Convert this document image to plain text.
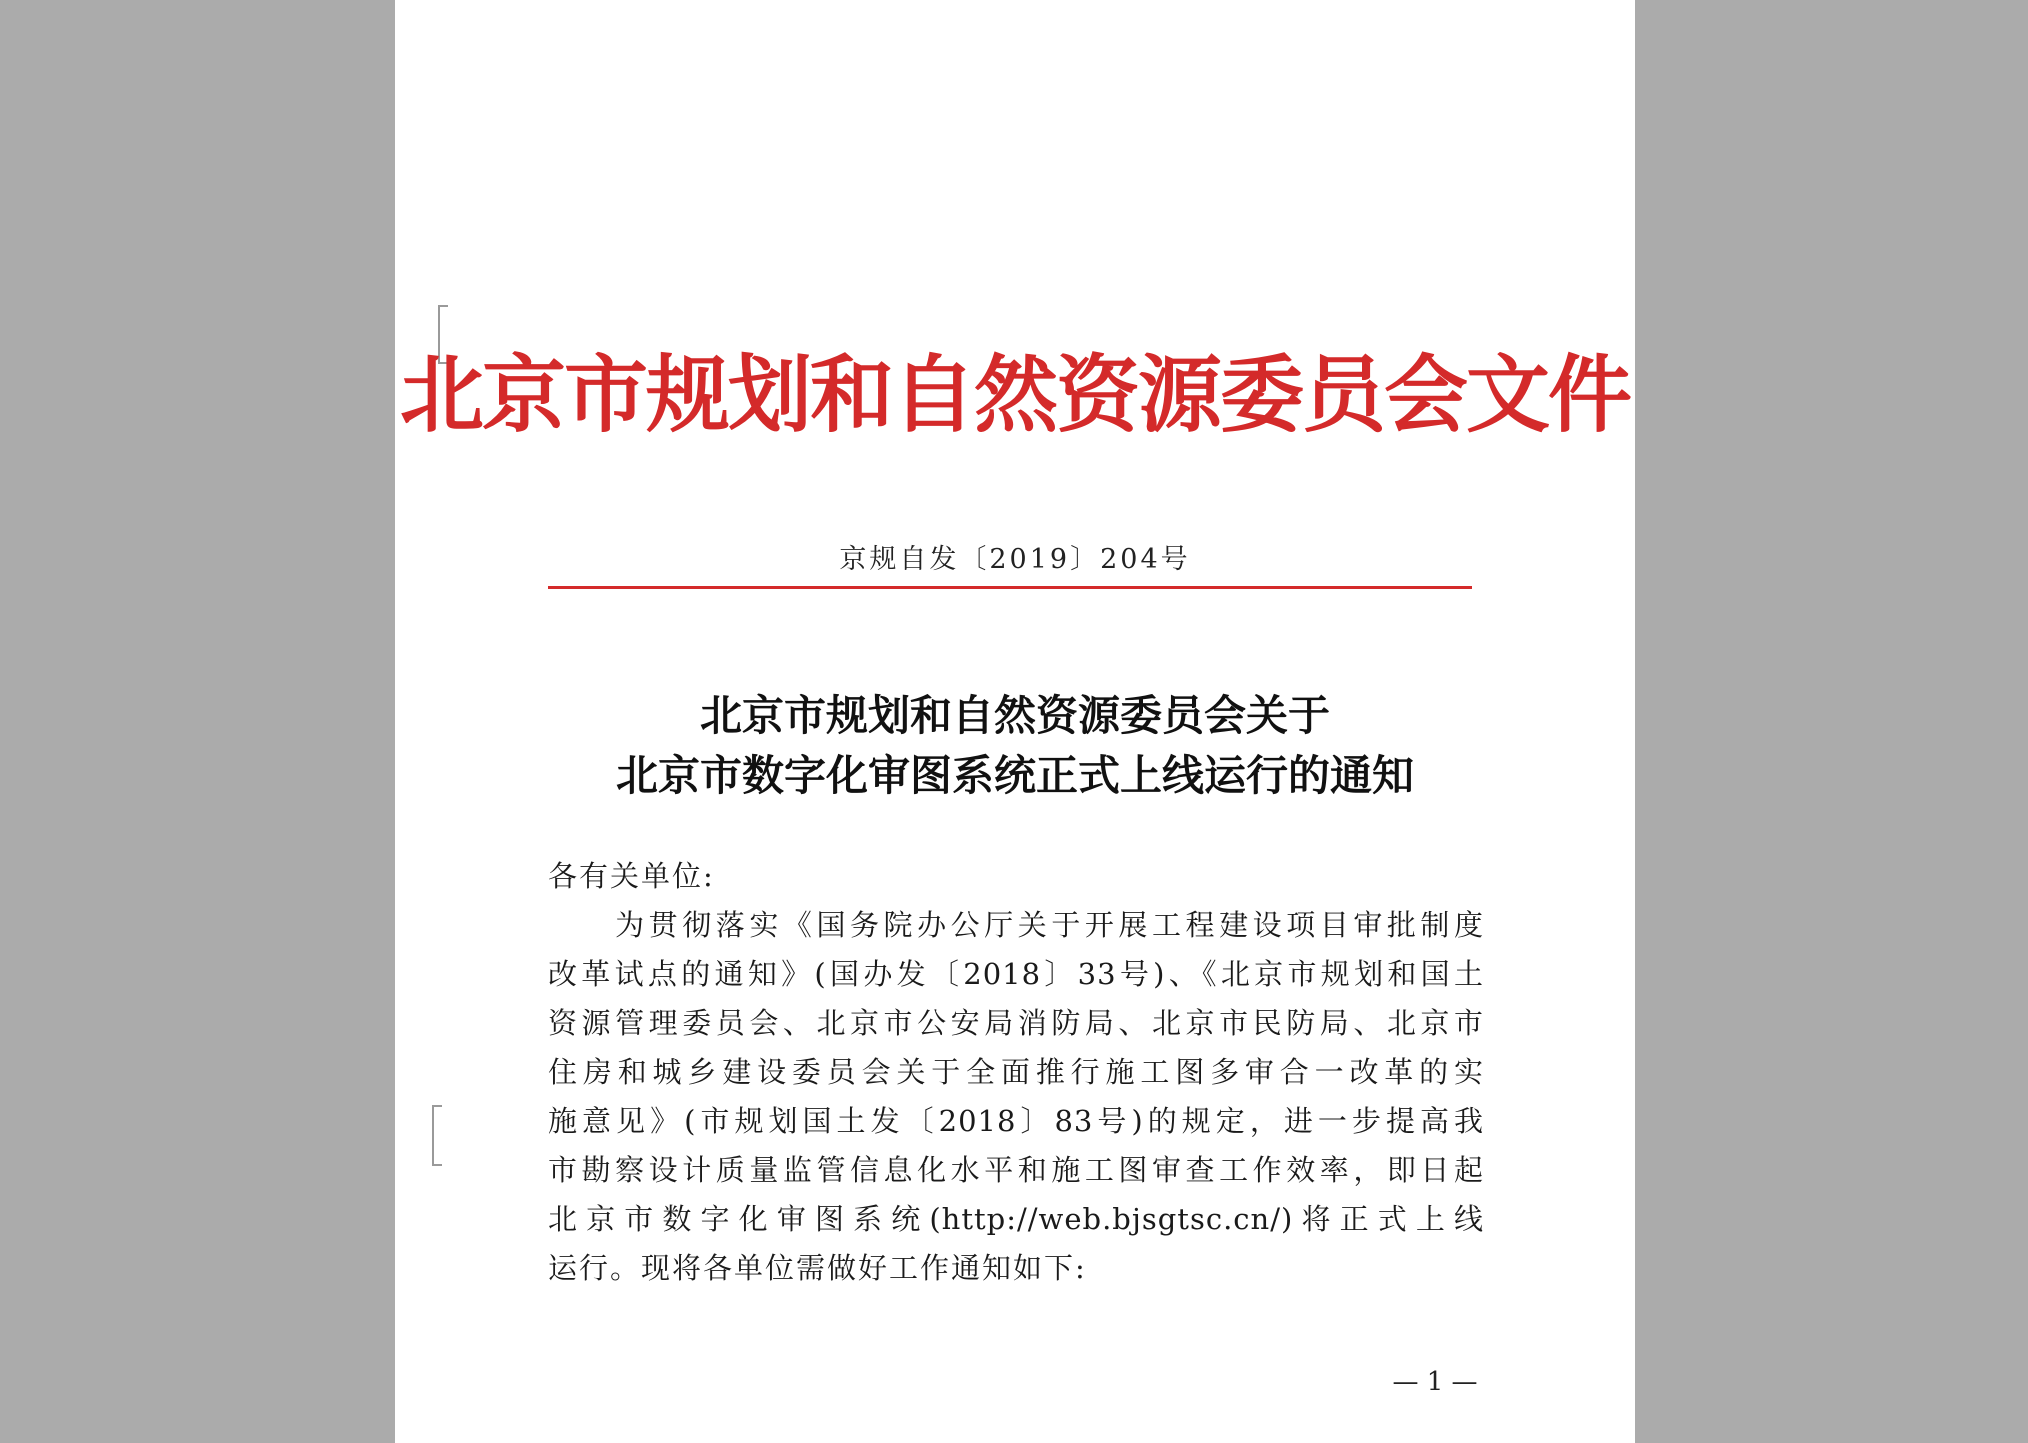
北京市规划和自然资源委员会文件
京规自发〔2019〕204号
北京市规划和自然资源委员会关于
北京市数字化审图系统正式上线运行的通知
各有关单位:
　　为贯彻落实《国务院办公厅关于开展工程建设项目审批制度
改革试点的通知》(国办发〔2018〕33号)、《北京市规划和国土
资源管理委员会、北京市公安局消防局、北京市民防局、北京市
住房和城乡建设委员会关于全面推行施工图多审合一改革的实
施意见》(市规划国土发〔2018〕83号)的规定，进一步提高我
市勘察设计质量监管信息化水平和施工图审查工作效率，即日起
北京市数字化审图系统(http://web.bjsgtsc.cn/)将正式上线
运行。现将各单位需做好工作通知如下:
— 1 —
